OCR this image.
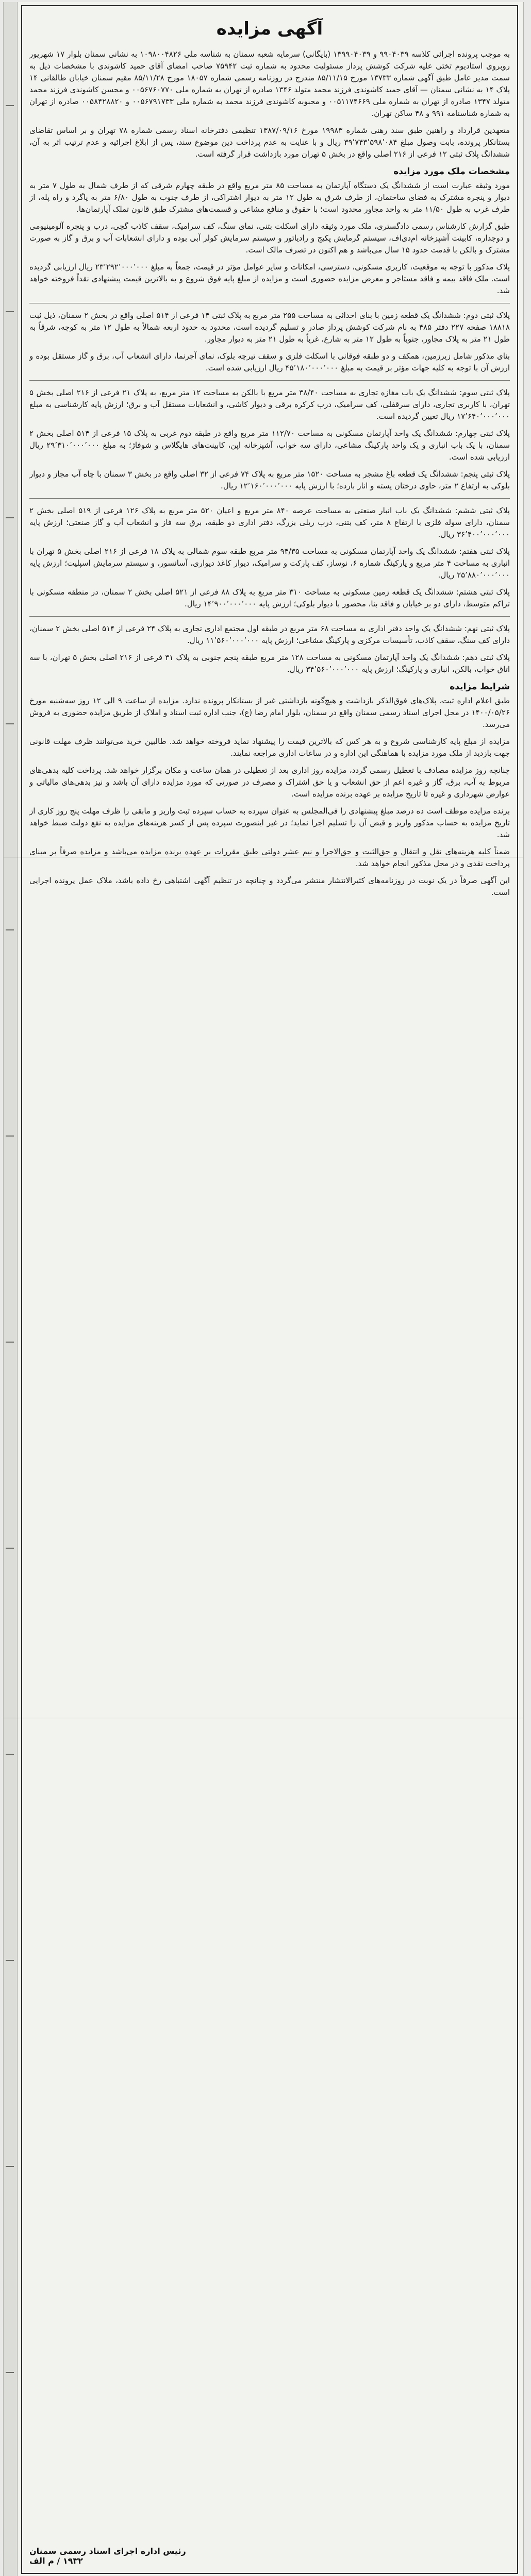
آگهی مزایده

به موجب پرونده اجرائی کلاسه ۹۹۰۴۰۳۹ و ۱۳۹۹۰۴۰۳۹ (بایگانی) سرمایه شعبه سمنان به شناسه ملی ۱۰۹۸۰۰۴۸۲۶ به نشانی سمنان بلوار ۱۷ شهریور روبروی استادیوم تختی علیه شرکت کوشش پرداز مسئولیت محدود به شماره ثبت ۷۵۹۴۲ صاحب امضای آقای حمید کاشوندی با مشخصات ذیل به سمت مدیر عامل طبق آگهی شماره ۱۳۷۳۳ مورخ ۸۵/۱۱/۱۵ مندرج در روزنامه رسمی شماره ۱۸۰۵۷ مورخ ۸۵/۱۱/۲۸ مقیم سمنان خیابان طالقانی ۱۴ پلاک ۱۴ به نشانی سمنان — آقای حمید کاشوندی فرزند محمد متولد ۱۳۴۶ صادره از تهران به شماره ملی ۰۰۵۶۷۶۰۷۷۰ و محسن کاشوندی فرزند محمد متولد ۱۳۴۷ صادره از تهران به شماره ملی ۰۰۵۱۱۷۴۶۶۹ و محبوبه کاشوندی فرزند محمد به شماره ملی ۰۰۵۶۷۹۱۷۳۳ و ۰۰۵۸۴۲۸۸۲۰ صادره از تهران به شماره شناسنامه ۹۹۱ و ۴۸ ساکن تهران.

متعهدین قرارداد و راهنین طبق سند رهنی شماره ۱۹۹۸۳ مورخ ۱۳۸۷/۰۹/۱۶ تنظیمی دفترخانه اسناد رسمی شماره ۷۸ تهران و بر اساس تقاضای بستانکار پرونده، بابت وصول مبلغ ۳۹٬۷۴۳٬۵۹۸٬۰۸۴ ریال و با عنایت به عدم پرداخت دین موضوع سند، پس از ابلاغ اجرائیه و عدم ترتیب اثر به آن، ششدانگ پلاک ثبتی ۱۲ فرعی از ۲۱۶ اصلی واقع در بخش ۵ تهران مورد بازداشت قرار گرفته است.

مشخصات ملک مورد مزایده

مورد وثیقه عبارت است از ششدانگ یک دستگاه آپارتمان به مساحت ۸۵ متر مربع واقع در طبقه چهارم شرقی که از طرف شمال به طول ۷ متر به دیوار و پنجره مشترک به فضای ساختمان، از طرف شرق به طول ۱۲ متر به دیوار اشتراکی، از طرف جنوب به طول ۶/۸۰ متر به پاگرد و راه پله، از طرف غرب به طول ۱۱/۵۰ متر به واحد مجاور محدود است؛ با حقوق و منافع مشاعی و قسمت‌های مشترک طبق قانون تملک آپارتمان‌ها.

طبق گزارش کارشناس رسمی دادگستری، ملک مورد وثیقه دارای اسکلت بتنی، نمای سنگ، کف سرامیک، سقف کاذب گچی، درب و پنجره آلومینیومی و دوجداره، کابینت آشپزخانه ام‌دی‌اف، سیستم گرمایش پکیج و رادیاتور و سیستم سرمایش کولر آبی بوده و دارای انشعابات آب و برق و گاز به صورت مشترک و بالکن با قدمت حدود ۱۵ سال می‌باشد و هم اکنون در تصرف مالک است.

پلاک مذکور با توجه به موقعیت، کاربری مسکونی، دسترسی، امکانات و سایر عوامل مؤثر در قیمت، جمعاً به مبلغ ۲۳٬۲۹۲٬۰۰۰٬۰۰۰ ریال ارزیابی گردیده است. ملک فاقد بیمه و فاقد مستاجر و معرض مزایده حضوری است و مزایده از مبلغ پایه فوق شروع و به بالاترین قیمت پیشنهادی نقداً فروخته خواهد شد.

پلاک ثبتی دوم: ششدانگ یک قطعه زمین با بنای احداثی به مساحت ۲۵۵ متر مربع به پلاک ثبتی ۱۴ فرعی از ۵۱۴ اصلی واقع در بخش ۲ سمنان، ذیل ثبت ۱۸۸۱۸ صفحه ۲۲۷ دفتر ۴۸۵ به نام شرکت کوشش پرداز صادر و تسلیم گردیده است، محدود به حدود اربعه شمالاً به طول ۱۲ متر به کوچه، شرقاً به طول ۲۱ متر به پلاک مجاور، جنوباً به طول ۱۲ متر به شارع، غرباً به طول ۲۱ متر به دیوار مجاور.

بنای مذکور شامل زیرزمین، همکف و دو طبقه فوقانی با اسکلت فلزی و سقف تیرچه بلوک، نمای آجرنما، دارای انشعاب آب، برق و گاز مستقل بوده و ارزش آن با توجه به کلیه جهات مؤثر بر قیمت به مبلغ ۴۵٬۱۸۰٬۰۰۰٬۰۰۰ ریال ارزیابی شده است.

پلاک ثبتی سوم: ششدانگ یک باب مغازه تجاری به مساحت ۳۸/۴۰ متر مربع با بالکن به مساحت ۱۲ متر مربع، به پلاک ۲۱ فرعی از ۲۱۶ اصلی بخش ۵ تهران، با کاربری تجاری، دارای سرقفلی، کف سرامیک، درب کرکره برقی و دیوار کاشی، و انشعابات مستقل آب و برق؛ ارزش پایه کارشناسی به مبلغ ۱۷٬۶۴۰٬۰۰۰٬۰۰۰ ریال تعیین گردیده است.

پلاک ثبتی چهارم: ششدانگ یک واحد آپارتمان مسکونی به مساحت ۱۱۲/۷۰ متر مربع واقع در طبقه دوم غربی به پلاک ۱۵ فرعی از ۵۱۴ اصلی بخش ۲ سمنان، با یک باب انباری و یک واحد پارکینگ مشاعی، دارای سه خواب، آشپزخانه اپن، کابینت‌های هایگلاس و شوفاژ؛ به مبلغ ۲۹٬۳۱۰٬۰۰۰٬۰۰۰ ریال ارزیابی شده است.

پلاک ثبتی پنجم: ششدانگ یک قطعه باغ مشجر به مساحت ۱۵۲۰ متر مربع به پلاک ۷۴ فرعی از ۳۲ اصلی واقع در بخش ۳ سمنان با چاه آب مجاز و دیوار بلوکی به ارتفاع ۲ متر، حاوی درختان پسته و انار بارده؛ با ارزش پایه ۱۲٬۱۶۰٬۰۰۰٬۰۰۰ ریال.

پلاک ثبتی ششم: ششدانگ یک باب انبار صنعتی به مساحت عرصه ۸۴۰ متر مربع و اعیان ۵۲۰ متر مربع به پلاک ۱۲۶ فرعی از ۵۱۹ اصلی بخش ۲ سمنان، دارای سوله فلزی با ارتفاع ۸ متر، کف بتنی، درب ریلی بزرگ، دفتر اداری دو طبقه، برق سه فاز و انشعاب آب و گاز صنعتی؛ ارزش پایه ۳۶٬۴۰۰٬۰۰۰٬۰۰۰ ریال.

پلاک ثبتی هفتم: ششدانگ یک واحد آپارتمان مسکونی به مساحت ۹۴/۳۵ متر مربع طبقه سوم شمالی به پلاک ۱۸ فرعی از ۲۱۶ اصلی بخش ۵ تهران با انباری به مساحت ۴ متر مربع و پارکینگ شماره ۶، نوساز، کف پارکت و سرامیک، دیوار کاغذ دیواری، آسانسور، و سیستم سرمایش اسپلیت؛ ارزش پایه ۲۵٬۸۸۰٬۰۰۰٬۰۰۰ ریال.

پلاک ثبتی هشتم: ششدانگ یک قطعه زمین مسکونی به مساحت ۳۱۰ متر مربع به پلاک ۸۸ فرعی از ۵۲۱ اصلی بخش ۲ سمنان، در منطقه مسکونی با تراکم متوسط، دارای دو بر خیابان و فاقد بنا، محصور با دیوار بلوکی؛ ارزش پایه ۱۴٬۹۰۰٬۰۰۰٬۰۰۰ ریال.

پلاک ثبتی نهم: ششدانگ یک واحد دفتر اداری به مساحت ۶۸ متر مربع در طبقه اول مجتمع اداری تجاری به پلاک ۲۴ فرعی از ۵۱۴ اصلی بخش ۲ سمنان، دارای کف سنگ، سقف کاذب، تأسیسات مرکزی و پارکینگ مشاعی؛ ارزش پایه ۱۱٬۵۶۰٬۰۰۰٬۰۰۰ ریال.

پلاک ثبتی دهم: ششدانگ یک واحد آپارتمان مسکونی به مساحت ۱۲۸ متر مربع طبقه پنجم جنوبی به پلاک ۳۱ فرعی از ۲۱۶ اصلی بخش ۵ تهران، با سه اتاق خواب، بالکن، انباری و پارکینگ؛ ارزش پایه ۳۴٬۵۶۰٬۰۰۰٬۰۰۰ ریال.

شرایط مزایده

طبق اعلام اداره ثبت، پلاک‌های فوق‌الذکر بازداشت و هیچ‌گونه بازداشتی غیر از بستانکار پرونده ندارد. مزایده از ساعت ۹ الی ۱۲ روز سه‌شنبه مورخ ۱۴۰۰/۰۵/۲۶ در محل اجرای اسناد رسمی سمنان واقع در سمنان، بلوار امام رضا (ع)، جنب اداره ثبت اسناد و املاک از طریق مزایده حضوری به فروش می‌رسد.

مزایده از مبلغ پایه کارشناسی شروع و به هر کس که بالاترین قیمت را پیشنهاد نماید فروخته خواهد شد. طالبین خرید می‌توانند ظرف مهلت قانونی جهت بازدید از ملک مورد مزایده با هماهنگی این اداره و در ساعات اداری مراجعه نمایند.

چنانچه روز مزایده مصادف با تعطیل رسمی گردد، مزایده روز اداری بعد از تعطیلی در همان ساعت و مکان برگزار خواهد شد. پرداخت کلیه بدهی‌های مربوط به آب، برق، گاز و غیره اعم از حق انشعاب و یا حق اشتراک و مصرف در صورتی که مورد مزایده دارای آن باشد و نیز بدهی‌های مالیاتی و عوارض شهرداری و غیره تا تاریخ مزایده بر عهده برنده مزایده است.

برنده مزایده موظف است ده درصد مبلغ پیشنهادی را فی‌المجلس به عنوان سپرده به حساب سپرده ثبت واریز و مابقی را ظرف مهلت پنج روز کاری از تاریخ مزایده به حساب مذکور واریز و قبض آن را تسلیم اجرا نماید؛ در غیر اینصورت سپرده پس از کسر هزینه‌های مزایده به نفع دولت ضبط خواهد شد.

ضمناً کلیه هزینه‌های نقل و انتقال و حق‌الثبت و حق‌الاجرا و نیم عشر دولتی طبق مقررات بر عهده برنده مزایده می‌باشد و مزایده صرفاً بر مبنای پرداخت نقدی و در محل مذکور انجام خواهد شد.

این آگهی صرفاً در یک نوبت در روزنامه‌های کثیرالانتشار منتشر می‌گردد و چنانچه در تنظیم آگهی اشتباهی رخ داده باشد، ملاک عمل پرونده اجرایی است.

رئیس اداره اجرای اسناد رسمی سمنان
۱۹۳۲ / م الف
